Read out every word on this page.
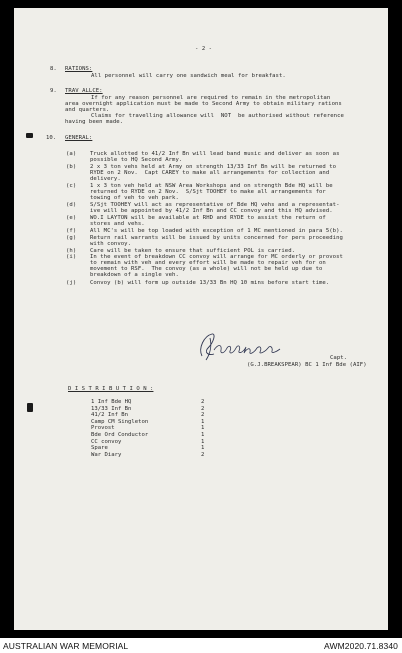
- 2 -
8. RATIONS:
All personnel will carry one sandwich meal for breakfast.
9. TRAV ALLCE:
If for any reason personnel are required to remain in the metropolitan
area overnight application must be made to Second Army to obtain military rations
and quarters.
Claims for travelling allowance will  NOT  be authorised without reference
having been made.
10. GENERAL:
(a) Truck allotted to 41/2 Inf Bn will lead band music and deliver as soon as
possible to HQ Second Army.
(b) 2 x 3 ton vehs held at Army on strength 13/33 Inf Bn will be returned to
RYDE on 2 Nov.  Capt CAREY to make all arrangements for collection and
delivery.
(c) 1 x 3 ton veh held at NSW Area Workshops and on strength Bde HQ will be
returned to RYDE on 2 Nov.  S/Sjt TOOHEY to make all arrangements for
towing of veh to veh park.
(d) S/Sjt TOOHEY will act as representative of Bde HQ vehs and a representat-
ive will be appointed by 41/2 Inf Bn and CC convoy and this HQ advised.
(e) WO.I LAYTON will be available at RHD and RYDE to assist the return of
stores and vehs.
(f) All MC's will be top loaded with exception of 1 MC mentioned in para 5(b).
(g) Return rail warrants will be issued by units concerned for pers proceeding
with convoy.
(h) Care will be taken to ensure that sufficient POL is carried.
(i) In the event of breakdown CC convoy will arrange for MC orderly or provost
to remain with veh and every effort will be made to repair veh for on
movement to RSF.  The convoy (as a whole) will not be held up due to
breakdown of a single veh.
(j) Convoy (b) will form up outside 13/33 Bn HQ 10 mins before start time.
Capt.
(G.J.BREAKSPEAR) BC 1 Inf Bde (AIF)
D I S T R I B U T I O N :
1 Inf Bde HQ	2
13/33 Inf Bn	2
41/2 Inf Bn	2
Camp CM Singleton	1
Provost	1
Bde Ord Conductor	1
CC convoy	1
Spare	1
War Diary	2
AUSTRALIAN WAR MEMORIAL	AWM2020.71.8340
